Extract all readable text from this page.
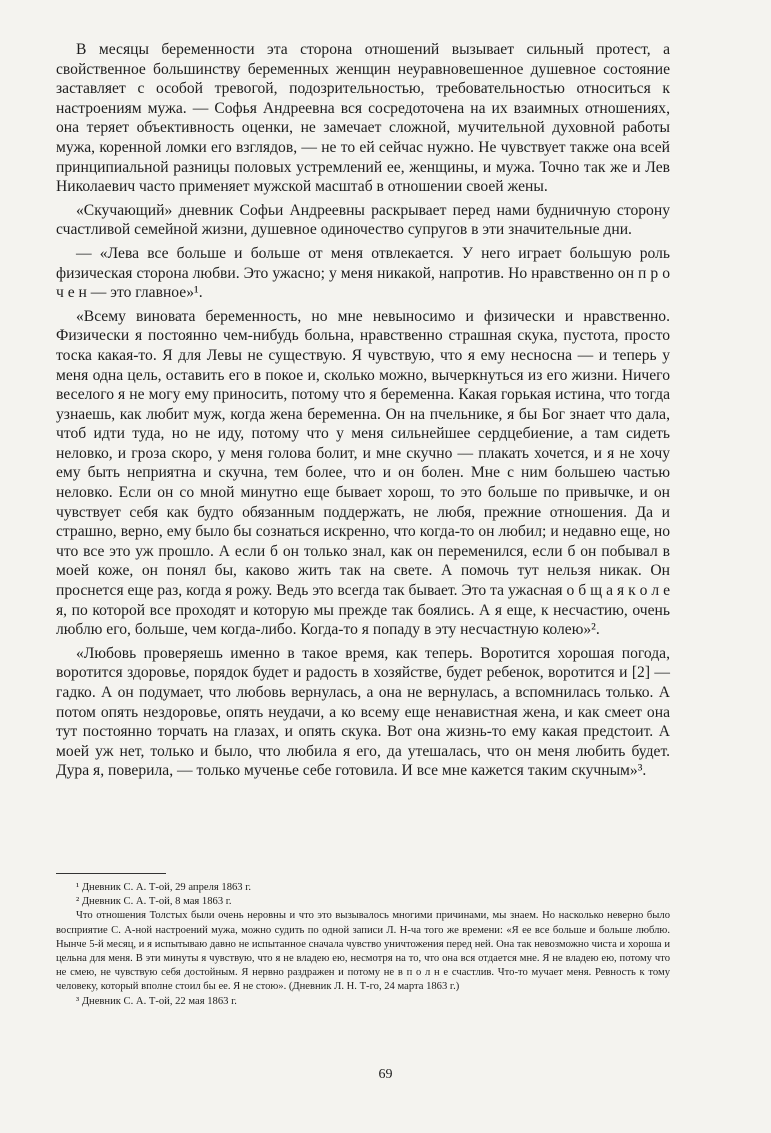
В месяцы беременности эта сторона отношений вызывает сильный протест, а свойственное большинству беременных женщин неуравновешенное душевное состояние заставляет с особой тревогой, подозрительностью, требовательностью относиться к настроениям мужа. — Софья Андреевна вся сосредоточена на их взаимных отношениях, она теряет объективность оценки, не замечает сложной, мучительной духовной работы мужа, коренной ломки его взглядов, — не то ей сейчас нужно. Не чувствует также она всей принципиальной разницы половых устремлений ее, женщины, и мужа. Точно так же и Лев Николаевич часто применяет мужской масштаб в отношении своей жены.

«Скучающий» дневник Софьи Андреевны раскрывает перед нами будничную сторону счастливой семейной жизни, душевное одиночество супругов в эти значительные дни.

— «Лева все больше и больше от меня отвлекается. У него играет большую роль физическая сторона любви. Это ужасно; у меня никакой, напротив. Но нравственно он п р о ч е н — это главное»¹.

«Всему виновата беременность, но мне невыносимо и физически и нравственно. Физически я постоянно чем-нибудь больна, нравственно страшная скука, пустота, просто тоска какая-то. Я для Левы не существую. Я чувствую, что я ему несносна — и теперь у меня одна цель, оставить его в покое и, сколько можно, вычеркнуться из его жизни. Ничего веселого я не могу ему приносить, потому что я беременна. Какая горькая истина, что тогда узнаешь, как любит муж, когда жена беременна. Он на пчельнике, я бы Бог знает что дала, чтоб идти туда, но не иду, потому что у меня сильнейшее сердцебиение, а там сидеть неловко, и гроза скоро, у меня голова болит, и мне скучно — плакать хочется, и я не хочу ему быть неприятна и скучна, тем более, что и он болен. Мне с ним большею частью неловко. Если он со мной минутно еще бывает хорош, то это больше по привычке, и он чувствует себя как будто обязанным поддержать, не любя, прежние отношения. Да и страшно, верно, ему было бы сознаться искренно, что когда-то он любил; и недавно еще, но что все это уж прошло. А если б он только знал, как он переменился, если б он побывал в моей коже, он понял бы, каково жить так на свете. А помочь тут нельзя никак. Он проснется еще раз, когда я рожу. Ведь это всегда так бывает. Это та ужасная о б щ а я к о л е я, по которой все проходят и которую мы прежде так боялись. А я еще, к несчастию, очень люблю его, больше, чем когда-либо. Когда-то я попаду в эту несчастную колею»².

«Любовь проверяешь именно в такое время, как теперь. Воротится хорошая погода, воротится здоровье, порядок будет и радость в хозяйстве, будет ребенок, воротится и [2] — гадко. А он подумает, что любовь вернулась, а она не вернулась, а вспомнилась только. А потом опять нездоровье, опять неудачи, а ко всему еще ненавистная жена, и как смеет она тут постоянно торчать на глазах, и опять скука. Вот она жизнь-то ему какая предстоит. А моей уж нет, только и было, что любила я его, да утешалась, что он меня любить будет. Дура я, поверила, — только мученье себе готовила. И все мне кажется таким скучным»³.

¹ Дневник С. А. Т-ой, 29 апреля 1863 г.

² Дневник С. А. Т-ой, 8 мая 1863 г.

Что отношения Толстых были очень неровны и что это вызывалось многими причинами, мы знаем. Но насколько неверно было восприятие С. А-ной настроений мужа, можно судить по одной записи Л. Н-ча того же времени: «Я ее все больше и больше люблю. Нынче 5-й месяц, и я испытываю давно не испытанное сначала чувство уничтожения перед ней. Она так невозможно чиста и хороша и цельна для меня. В эти минуты я чувствую, что я не владею ею, несмотря на то, что она вся отдается мне. Я не владею ею, потому что не смею, не чувствую себя достойным. Я нервно раздражен и потому не в п о л н е счастлив. Что-то мучает меня. Ревность к тому человеку, который вполне стоил бы ее. Я не стою». (Дневник Л. Н. Т-го, 24 марта 1863 г.)

³ Дневник С. А. Т-ой, 22 мая 1863 г.

69
